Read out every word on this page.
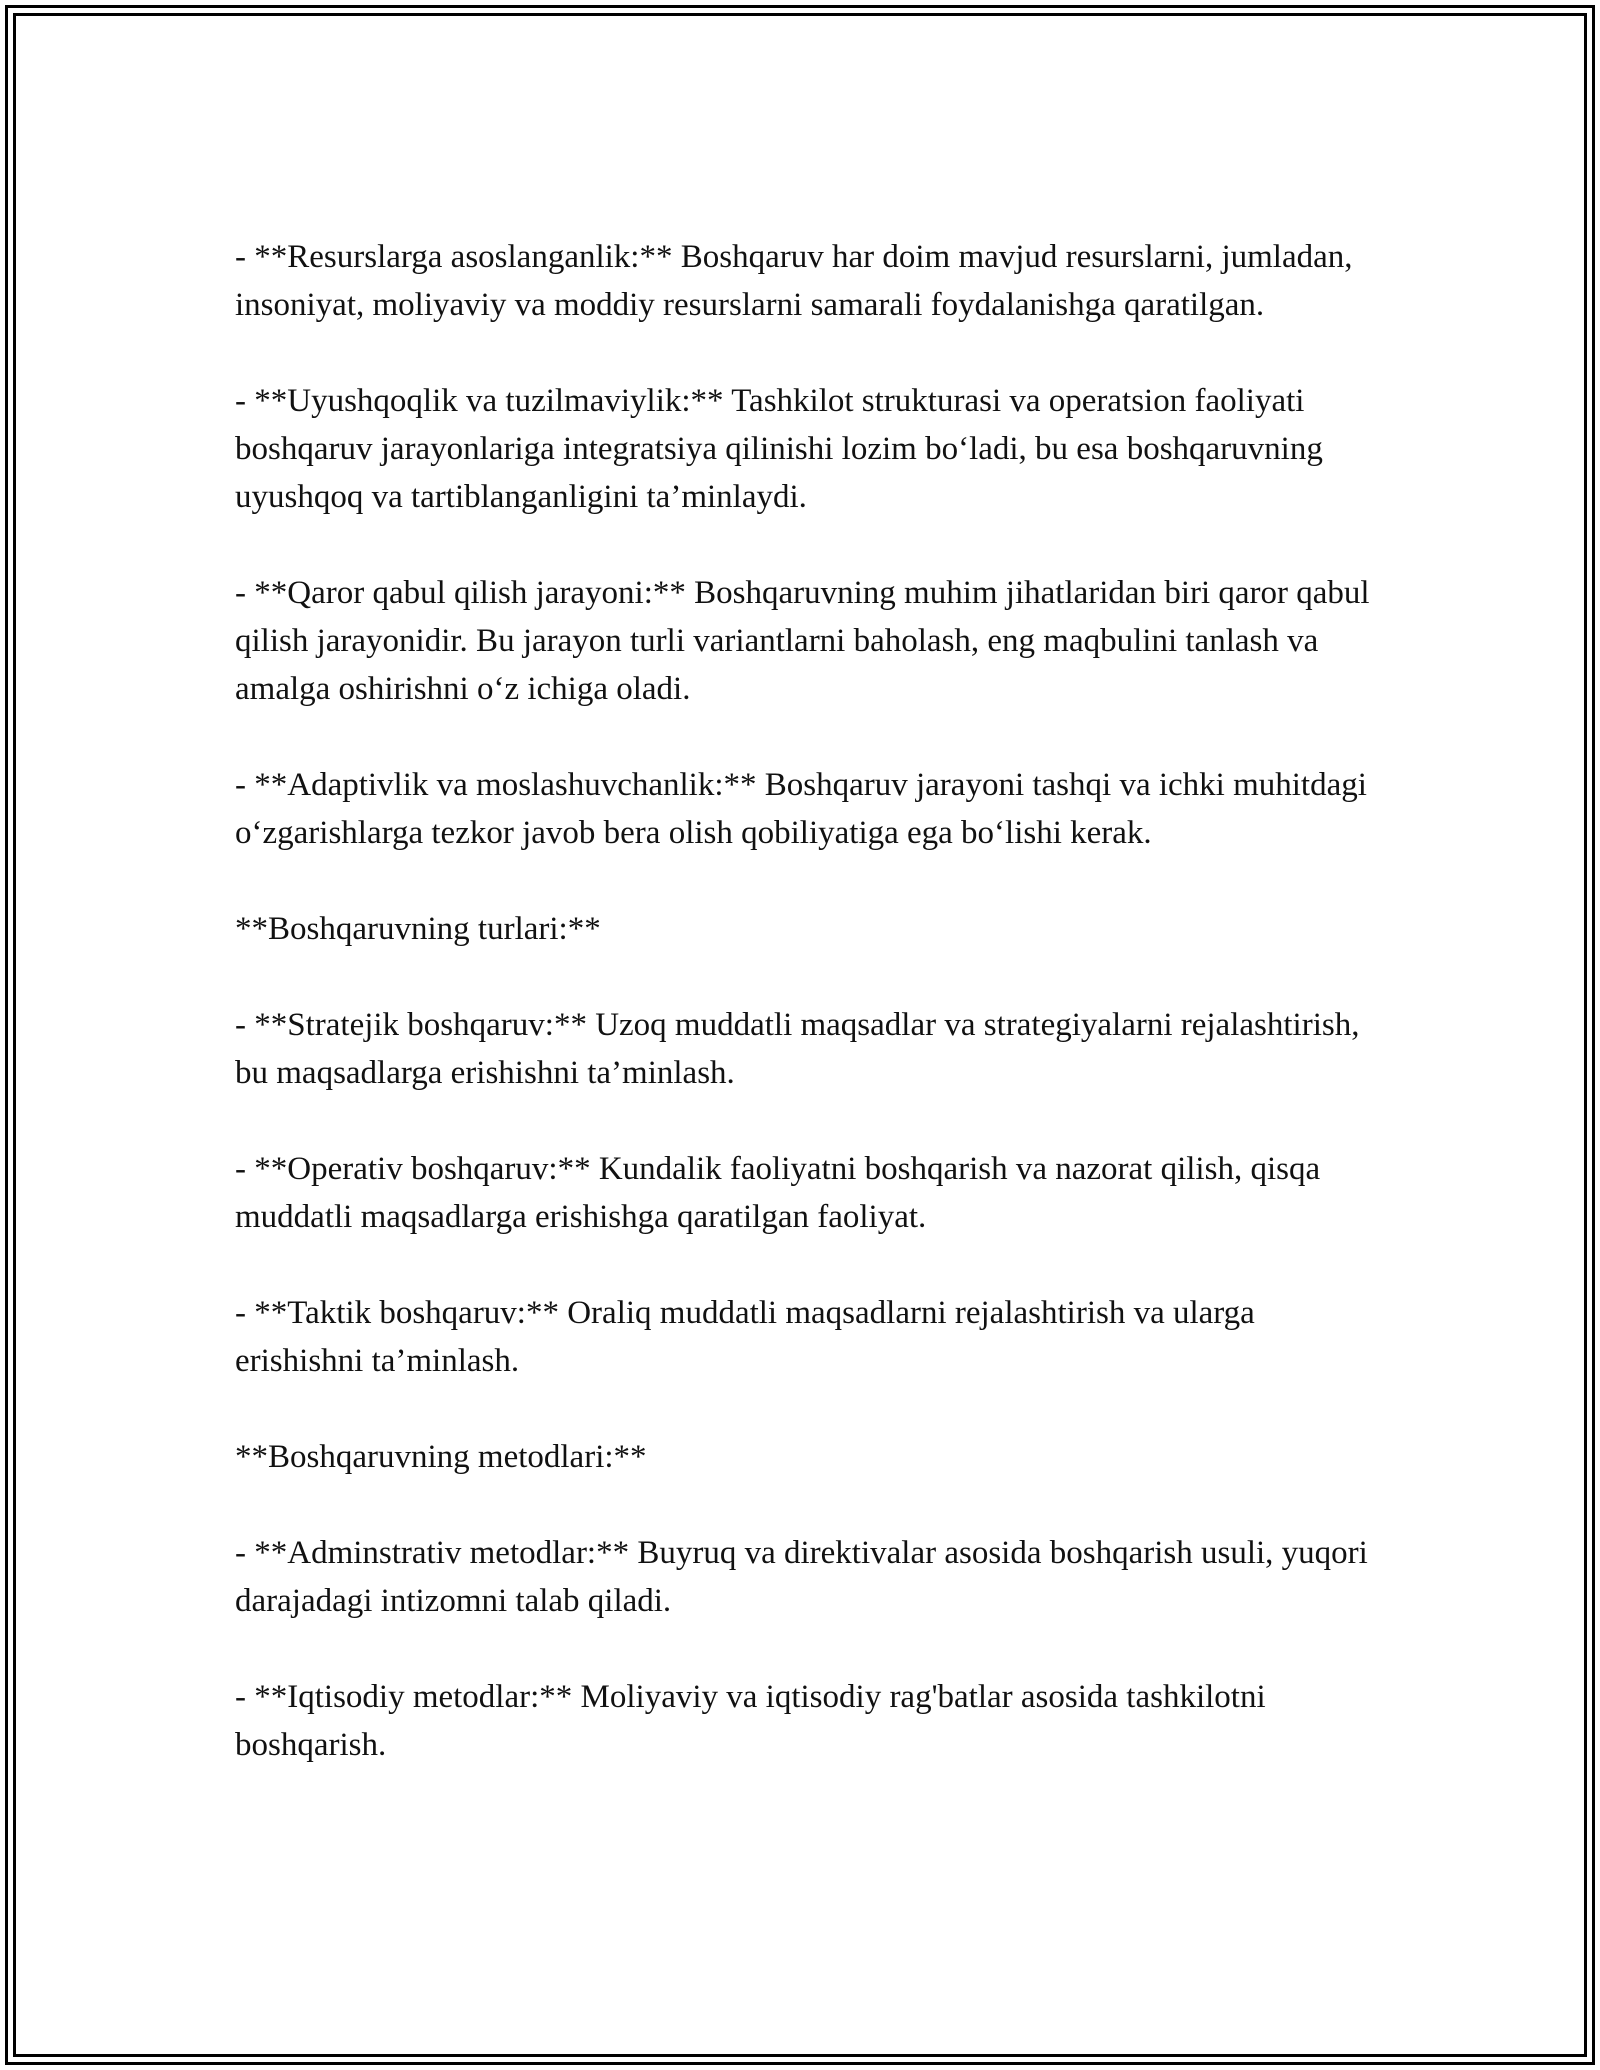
- **Resurslarga asoslanganlik:** Boshqaruv har doim mavjud resurslarni, jumladan, insoniyat, moliyaviy va moddiy resurslarni samarali foydalanishga qaratilgan.

- **Uyushqoqlik va tuzilmaviylik:** Tashkilot strukturasi va operatsion faoliyati boshqaruv jarayonlariga integratsiya qilinishi lozim bo‘ladi, bu esa boshqaruvning uyushqoq va tartiblanganligini ta’minlaydi.

- **Qaror qabul qilish jarayoni:** Boshqaruvning muhim jihatlaridan biri qaror qabul qilish jarayonidir. Bu jarayon turli variantlarni baholash, eng maqbulini tanlash va amalga oshirishni o‘z ichiga oladi.

- **Adaptivlik va moslashuvchanlik:** Boshqaruv jarayoni tashqi va ichki muhitdagi o‘zgarishlarga tezkor javob bera olish qobiliyatiga ega bo‘lishi kerak.

**Boshqaruvning turlari:**

- **Stratejik boshqaruv:** Uzoq muddatli maqsadlar va strategiyalarni rejalashtirish, bu maqsadlarga erishishni ta’minlash.

- **Operativ boshqaruv:** Kundalik faoliyatni boshqarish va nazorat qilish, qisqa muddatli maqsadlarga erishishga qaratilgan faoliyat.

- **Taktik boshqaruv:** Oraliq muddatli maqsadlarni rejalashtirish va ularga erishishni ta’minlash.

**Boshqaruvning metodlari:**

- **Adminstrativ metodlar:** Buyruq va direktivalar asosida boshqarish usuli, yuqori darajadagi intizomni talab qiladi.

- **Iqtisodiy metodlar:** Moliyaviy va iqtisodiy rag'batlar asosida tashkilotni boshqarish.
